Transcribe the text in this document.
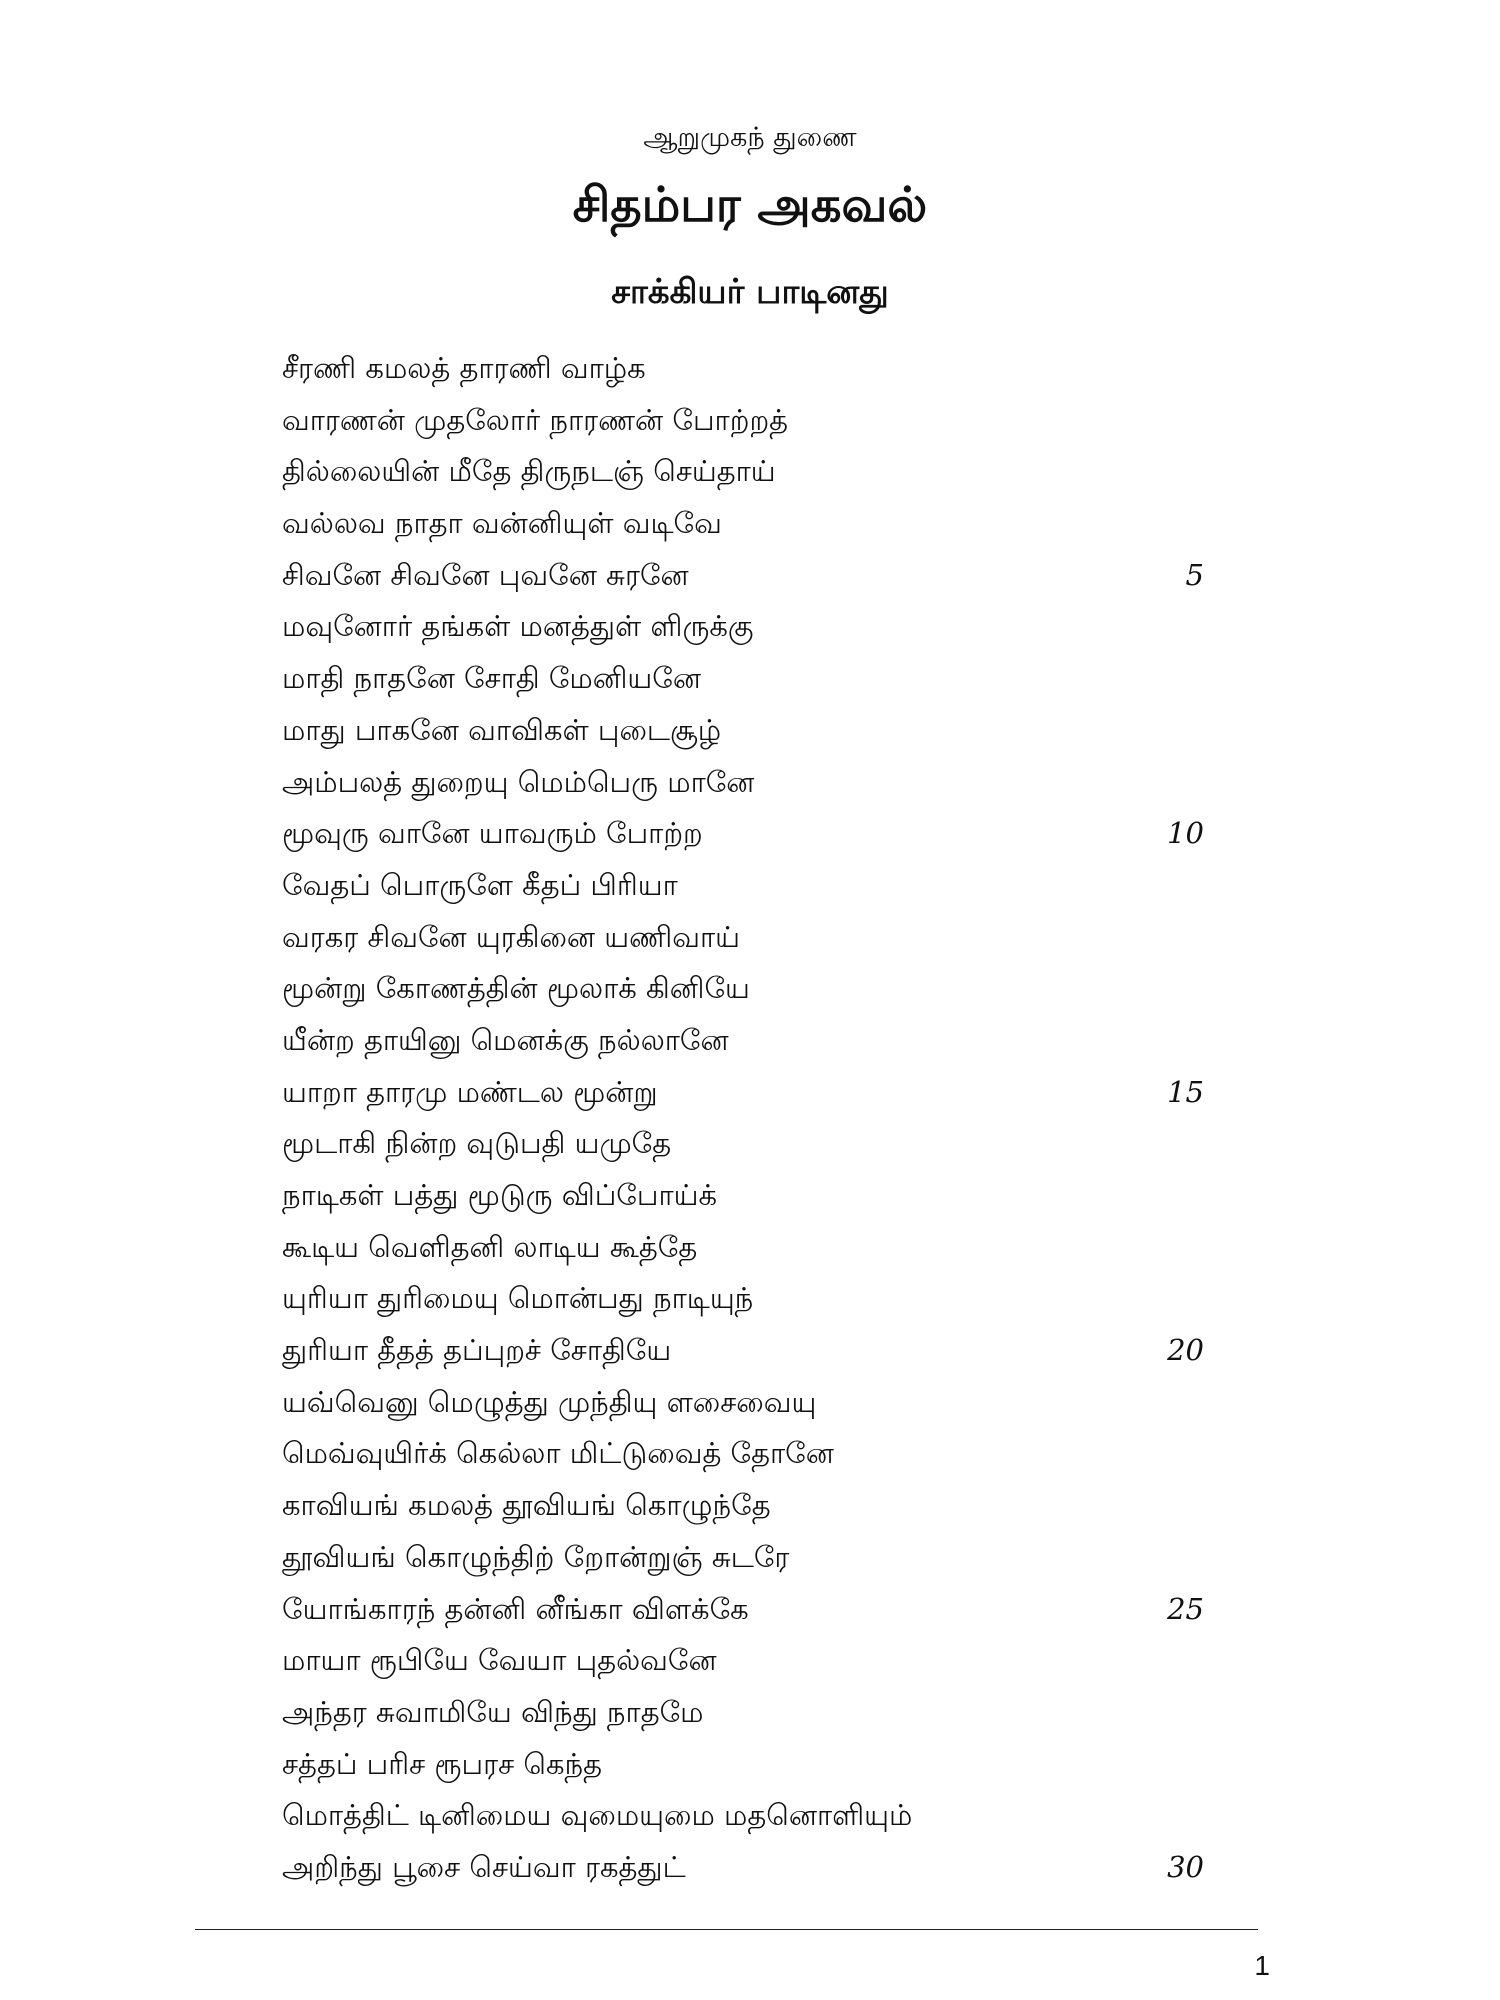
ஆறுமுகந் துணை
சிதம்பர அகவல்
சாக்கியர் பாடினது
சீரணி கமலத் தாரணி வாழ்க
வாரணன் முதலோர் நாரணன் போற்றத்
தில்லையின் மீதே திருநடஞ் செய்தாய்
வல்லவ நாதா வன்னியுள் வடிவே
சிவனே சிவனே புவனே சுரனே	5
மவுனோர் தங்கள் மனத்துள் ளிருக்கு
மாதி நாதனே சோதி மேனியனே
மாது பாகனே வாவிகள் புடைசூழ்
அம்பலத் துறையு மெம்பெரு மானே
மூவுரு வானே யாவரும் போற்ற	10
வேதப் பொருளே கீதப் பிரியா
வரகர சிவனே யுரகினை யணிவாய்
மூன்று கோணத்தின் மூலாக் கினியே
யீன்ற தாயினு மெனக்கு நல்லானே
யாறா தாரமு மண்டல மூன்று	15
மூடாகி நின்ற வுடுபதி யமுதே
நாடிகள் பத்து மூடுரு விப்போய்க்
கூடிய வெளிதனி லாடிய கூத்தே
யுரியா துரிமையு மொன்பது நாடியுந்
துரியா தீதத் தப்புறச் சோதியே	20
யவ்வெனு மெழுத்து முந்தியு ளசைவையு
மெவ்வுயிர்க் கெல்லா மிட்டுவைத் தோனே
காவியங் கமலத் தூவியங் கொழுந்தே
தூவியங் கொழுந்திற் றோன்றுஞ் சுடரே
யோங்காரந் தன்னி னீங்கா விளக்கே	25
மாயா ரூபியே வேயா புதல்வனே
அந்தர சுவாமியே விந்து நாதமே
சத்தப் பரிச ரூபரச கெந்த
மொத்திட் டினிமைய வுமையுமை மதனொளியும்
அறிந்து பூசை செய்வா ரகத்துட்	30
1
